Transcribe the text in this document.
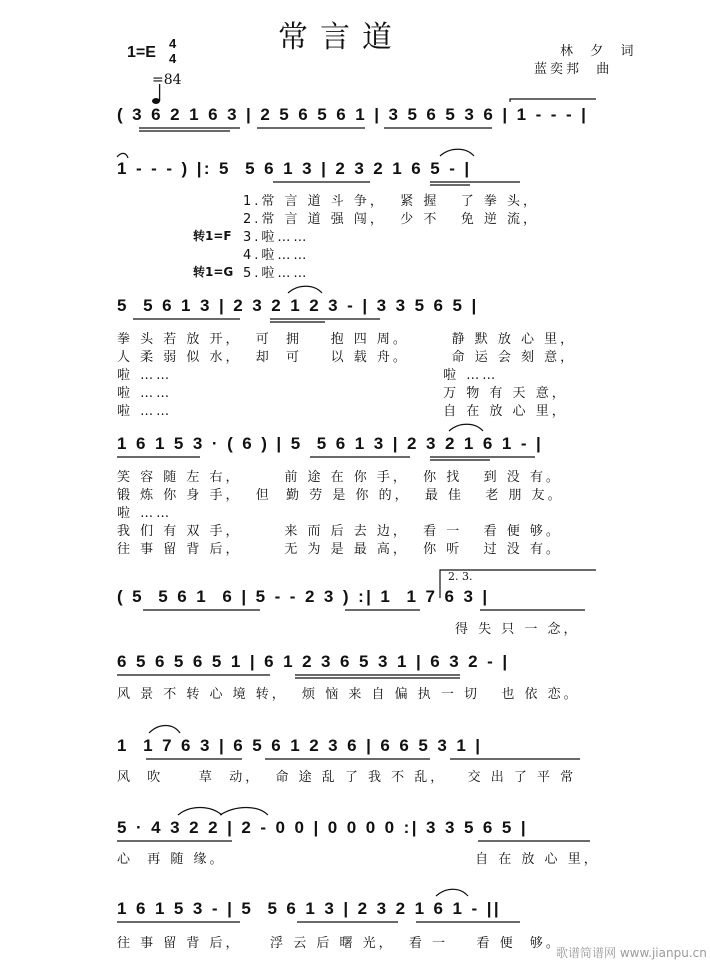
常言道
1=E
4
4

=84
林  夕  词
蓝奕邦  曲
( 3 6 2 1 6 3 | 2 5 6 5 6 1 | 3 5 6 5 3 6 | 1 - - - |
1 - - - ) |: 5  5 6 1 3 | 2 3 2 1 6 5 - |
1.常 言 道 斗 争，  紧 握   了 拳 头，
2.常 言 道 强 闯，  少 不   免 逆 流，
转1=F 3.啦……
4.啦……
转1=G 5.啦……
5  5 6 1 3 | 2 3 2 1 2 3 - | 3 3 5 6 5 |
拳 头 若 放 开，  可  拥    抱 四 周。      静 默 放 心 里，
人 柔 弱 似 水，  却  可    以 载 舟。      命 运 会 刻 意，
啦 ……                                      啦 ……
啦 ……                                      万 物 有 天 意，
啦 ……                                      自 在 放 心 里，
1 6 1 5 3 · ( 6 ) | 5  5 6 1 3 | 2 3 2 1 6 1 - |
笑 容 随 左 右，      前 途 在 你 手，  你 找   到 没 有。
锻 炼 你 身 手，  但  勤 劳 是 你 的，  最 佳   老 朋 友。
啦 ……
我 们 有 双 手，      来 而 后 去 边，  看 一   看 便 够。
往 事 留 背 后，      无 为 是 最 高，  你 听   过 没 有。
2. 3.
( 5  5 6 1  6 | 5 - - 2 3 ) :| 1  1 7 6 3 |
得 失 只 一 念，
6 5 6 5 6 5 1 | 6 1 2 3 6 5 3 1 | 6 3 2 - |
风 景 不 转 心 境 转，  烦 恼 来 自 偏 执 一 切   也 依 恋。
1  1 7 6 3 | 6 5 6 1 2 3 6 | 6 6 5 3 1 |
风  吹     草  动，  命 途 乱 了 我 不 乱，   交 出 了 平 常
5 · 4 3 2 2 | 2 - 0 0 | 0 0 0 0 :| 3 3 5 6 5 |
心  再 随 缘。                                   自 在 放 心 里，
1 6 1 5 3 - | 5  5 6 1 3 | 2 3 2 1 6 1 - ||
往 事 留 背 后，    浮 云 后 曙 光，  看 一    看 便  够。
歌谱简谱网 www.jianpu.cn
